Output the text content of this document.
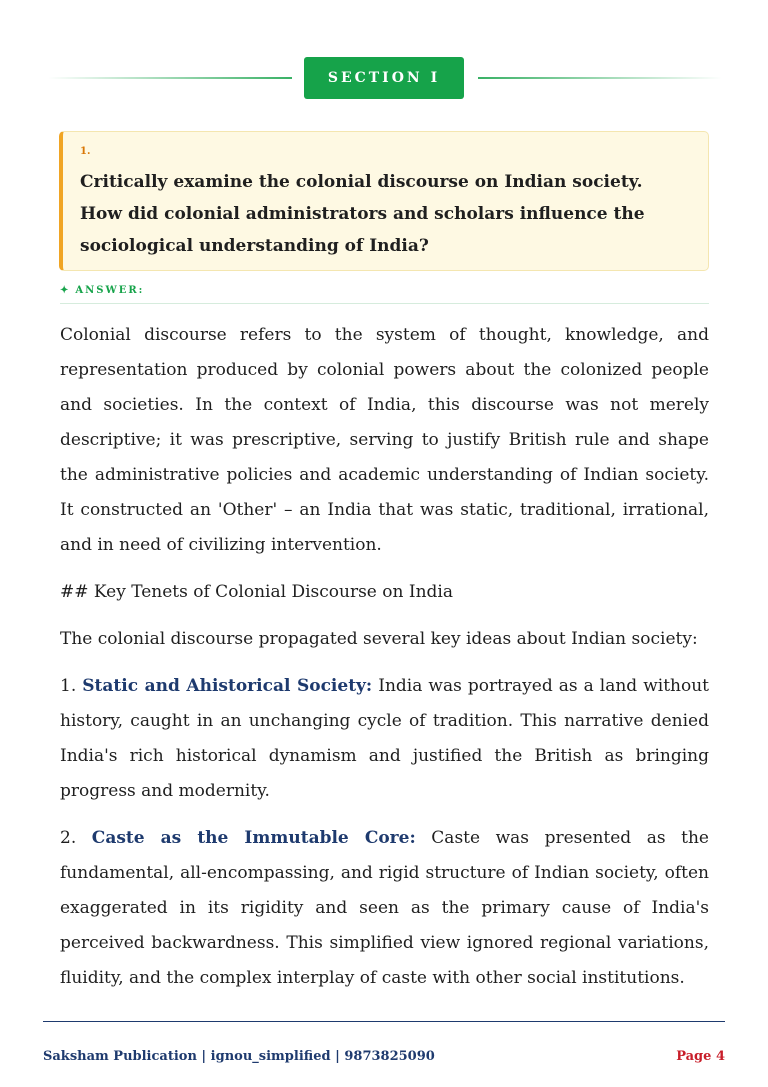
SECTION I
1.

Critically examine the colonial discourse on Indian society. How did colonial administrators and scholars influence the sociological understanding of India?

✦ ANSWER:

Colonial discourse refers to the system of thought, knowledge, and representation produced by colonial powers about the colonized people and societies. In the context of India, this discourse was not merely descriptive; it was prescriptive, serving to justify British rule and shape the administrative policies and academic understanding of Indian society. It constructed an 'Other' – an India that was static, traditional, irrational, and in need of civilizing intervention.

## Key Tenets of Colonial Discourse on India

The colonial discourse propagated several key ideas about Indian society:

1. Static and Ahistorical Society: India was portrayed as a land without history, caught in an unchanging cycle of tradition. This narrative denied India's rich historical dynamism and justified the British as bringing progress and modernity.

2. Caste as the Immutable Core: Caste was presented as the fundamental, all-encompassing, and rigid structure of Indian society, often exaggerated in its rigidity and seen as the primary cause of India's perceived backwardness. This simplified view ignored regional variations, fluidity, and the complex interplay of caste with other social institutions.

Saksham Publication | ignou_simplified | 9873825090	Page 4
